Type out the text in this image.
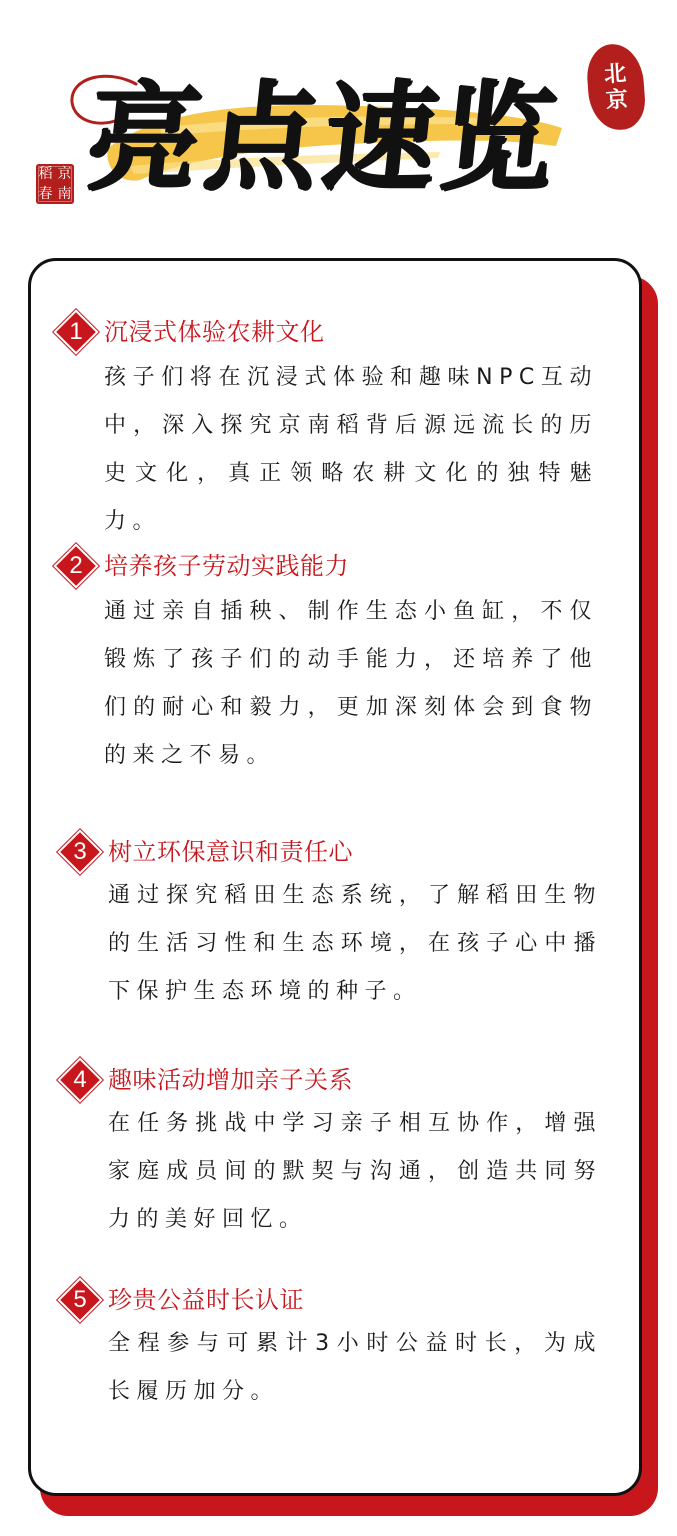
亮点速览
稻 京
春 南
北
京
1 沉浸式体验农耕文化

孩子们将在沉浸式体验和趣味NPC互动中，深入探究京南稻背后源远流长的历史文化，真正领略农耕文化的独特魅力。

2 培养孩子劳动实践能力

通过亲自插秧、制作生态小鱼缸，不仅锻炼了孩子们的动手能力，还培养了他们的耐心和毅力，更加深刻体会到食物的来之不易。

3 树立环保意识和责任心

通过探究稻田生态系统，了解稻田生物的生活习性和生态环境，在孩子心中播下保护生态环境的种子。

4 趣味活动增加亲子关系

在任务挑战中学习亲子相互协作，增强家庭成员间的默契与沟通，创造共同努力的美好回忆。

5 珍贵公益时长认证

全程参与可累计3小时公益时长，为成长履历加分。
